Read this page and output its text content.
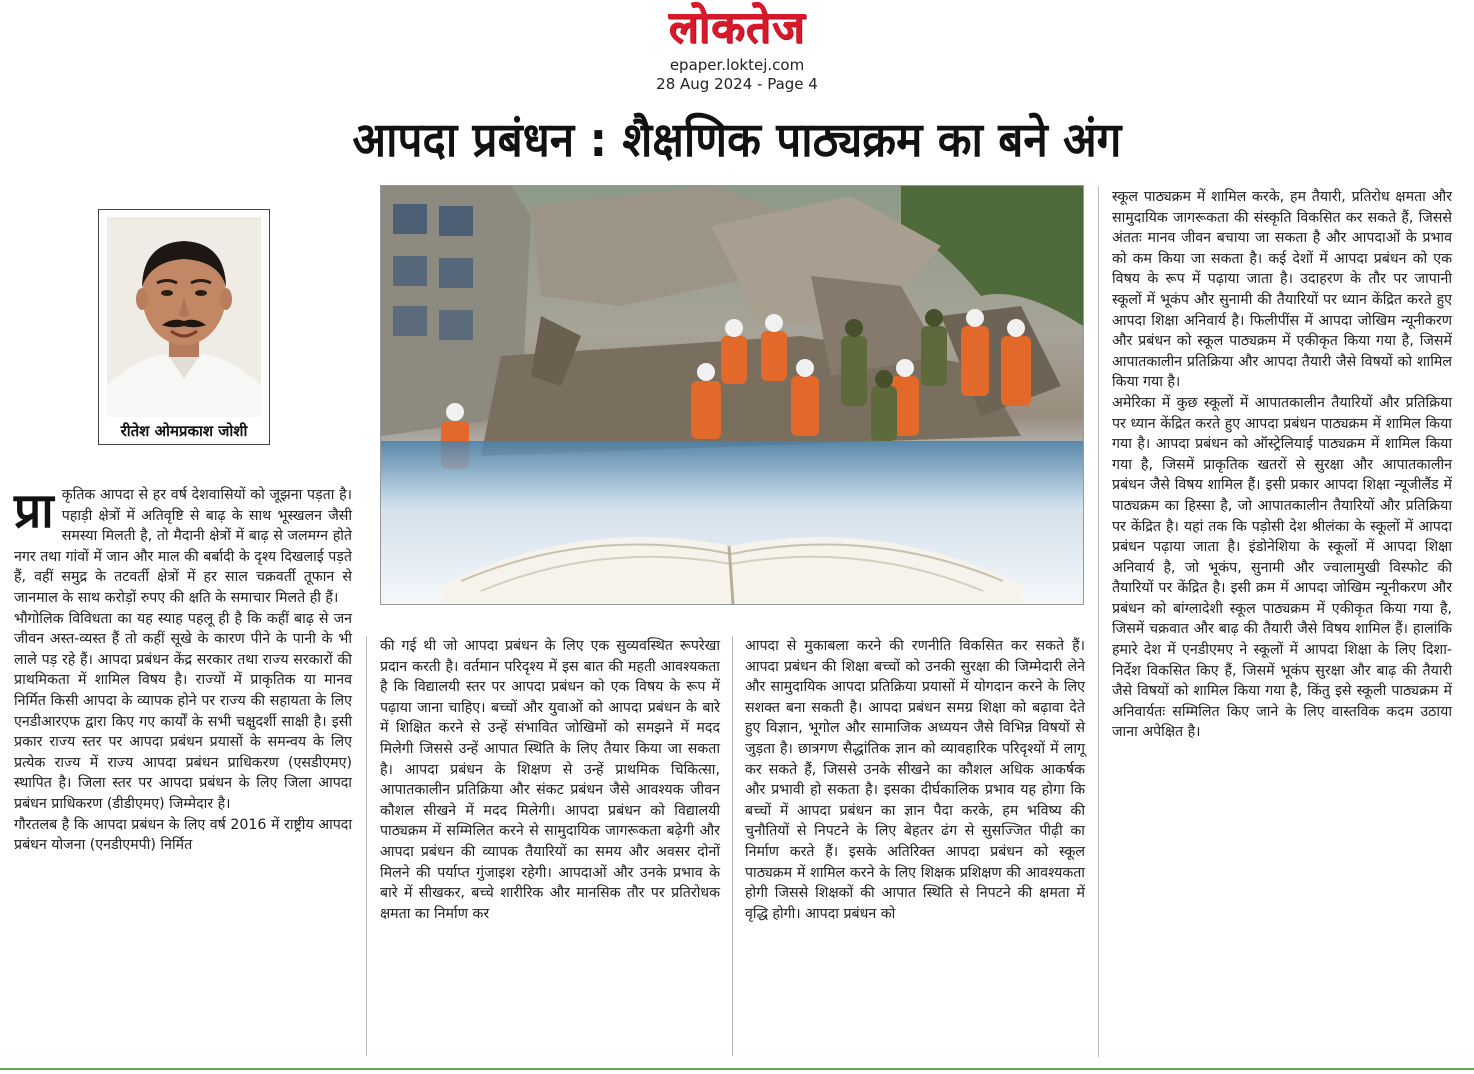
लोकतेज
epaper.loktej.com
28 Aug 2024 - Page 4
आपदा प्रबंधन : शैक्षणिक पाठ्यक्रम का बने अंग
रीतेश ओमप्रकाश जोशी
प्रा कृतिक आपदा से हर वर्ष देशवासियों को जूझना पड़ता है। पहाड़ी क्षेत्रों में अतिवृष्टि से बाढ़ के साथ भूस्खलन जैसी समस्या मिलती है, तो मैदानी क्षेत्रों में बाढ़ से जलमग्न होते नगर तथा गांवों में जान और माल की बर्बादी के दृश्य दिखलाई पड़ते हैं, वहीं समुद्र के तटवर्ती क्षेत्रों में हर साल चक्रवर्ती तूफान से जानमाल के साथ करोड़ों रुपए की क्षति के समाचार मिलते ही हैं।

भौगोलिक विविधता का यह स्याह पहलू ही है कि कहीं बाढ़ से जन जीवन अस्त-व्यस्त हैं तो कहीं सूखे के कारण पीने के पानी के भी लाले पड़ रहे हैं। आपदा प्रबंधन केंद्र सरकार तथा राज्य सरकारों की प्राथमिकता में शामिल विषय है। राज्यों में प्राकृतिक या मानव निर्मित किसी आपदा के व्यापक होने पर राज्य की सहायता के लिए एनडीआरएफ द्वारा किए गए कार्यों के सभी चक्षुदर्शी साक्षी है। इसी प्रकार राज्य स्तर पर आपदा प्रबंधन प्रयासों के समन्वय के लिए प्रत्येक राज्य में राज्य आपदा प्रबंधन प्राधिकरण (एसडीएमए) स्थापित है। जिला स्तर पर आपदा प्रबंधन के लिए जिला आपदा प्रबंधन प्राधिकरण (डीडीएमए) जिम्मेदार है।

गौरतलब है कि आपदा प्रबंधन के लिए वर्ष 2016 में राष्ट्रीय आपदा प्रबंधन योजना (एनडीएमपी) निर्मित

की गई थी जो आपदा प्रबंधन के लिए एक सुव्यवस्थित रूपरेखा प्रदान करती है। वर्तमान परिदृश्य में इस बात की महती आवश्यकता है कि विद्यालयी स्तर पर आपदा प्रबंधन को एक विषय के रूप में पढ़ाया जाना चाहिए। बच्चों और युवाओं को आपदा प्रबंधन के बारे में शिक्षित करने से उन्हें संभावित जोखिमों को समझने में मदद मिलेगी जिससे उन्हें आपात स्थिति के लिए तैयार किया जा सकता है। आपदा प्रबंधन के शिक्षण से उन्हें प्राथमिक चिकित्सा, आपातकालीन प्रतिक्रिया और संकट प्रबंधन जैसे आवश्यक जीवन कौशल सीखने में मदद मिलेगी। आपदा प्रबंधन को विद्यालयी पाठ्यक्रम में सम्मिलित करने से सामुदायिक जागरूकता बढ़ेगी और आपदा प्रबंधन की व्यापक तैयारियों का समय और अवसर दोनों मिलने की पर्याप्त गुंजाइश रहेगी। आपदाओं और उनके प्रभाव के बारे में सीखकर, बच्चे शारीरिक और मानसिक तौर पर प्रतिरोधक क्षमता का निर्माण कर

आपदा से मुकाबला करने की रणनीति विकसित कर सकते हैं। आपदा प्रबंधन की शिक्षा बच्चों को उनकी सुरक्षा की जिम्मेदारी लेने और सामुदायिक आपदा प्रतिक्रिया प्रयासों में योगदान करने के लिए सशक्त बना सकती है। आपदा प्रबंधन समग्र शिक्षा को बढ़ावा देते हुए विज्ञान, भूगोल और सामाजिक अध्ययन जैसे विभिन्न विषयों से जुड़ता है। छात्रगण सैद्धांतिक ज्ञान को व्यावहारिक परिदृश्यों में लागू कर सकते हैं, जिससे उनके सीखने का कौशल अधिक आकर्षक और प्रभावी हो सकता है। इसका दीर्घकालिक प्रभाव यह होगा कि बच्चों में आपदा प्रबंधन का ज्ञान पैदा करके, हम भविष्य की चुनौतियों से निपटने के लिए बेहतर ढंग से सुसज्जित पीढ़ी का निर्माण करते हैं। इसके अतिरिक्त आपदा प्रबंधन को स्कूल पाठ्यक्रम में शामिल करने के लिए शिक्षक प्रशिक्षण की आवश्यकता होगी जिससे शिक्षकों की आपात स्थिति से निपटने की क्षमता में वृद्धि होगी। आपदा प्रबंधन को

स्कूल पाठ्यक्रम में शामिल करके, हम तैयारी, प्रतिरोध क्षमता और सामुदायिक जागरूकता की संस्कृति विकसित कर सकते हैं, जिससे अंततः मानव जीवन बचाया जा सकता है और आपदाओं के प्रभाव को कम किया जा सकता है। कई देशों में आपदा प्रबंधन को एक विषय के रूप में पढ़ाया जाता है। उदाहरण के तौर पर जापानी स्कूलों में भूकंप और सुनामी की तैयारियों पर ध्यान केंद्रित करते हुए आपदा शिक्षा अनिवार्य है। फिलीपींस में आपदा जोखिम न्यूनीकरण और प्रबंधन को स्कूल पाठ्यक्रम में एकीकृत किया गया है, जिसमें आपातकालीन प्रतिक्रिया और आपदा तैयारी जैसे विषयों को शामिल किया गया है।

अमेरिका में कुछ स्कूलों में आपातकालीन तैयारियों और प्रतिक्रिया पर ध्यान केंद्रित करते हुए आपदा प्रबंधन पाठ्यक्रम में शामिल किया गया है। आपदा प्रबंधन को ऑस्ट्रेलियाई पाठ्यक्रम में शामिल किया गया है, जिसमें प्राकृतिक खतरों से सुरक्षा और आपातकालीन प्रबंधन जैसे विषय शामिल हैं। इसी प्रकार आपदा शिक्षा न्यूजीलैंड में पाठ्यक्रम का हिस्सा है, जो आपातकालीन तैयारियों और प्रतिक्रिया पर केंद्रित है। यहां तक कि पड़ोसी देश श्रीलंका के स्कूलों में आपदा प्रबंधन पढ़ाया जाता है। इंडोनेशिया के स्कूलों में आपदा शिक्षा अनिवार्य है, जो भूकंप, सुनामी और ज्वालामुखी विस्फोट की तैयारियों पर केंद्रित है। इसी क्रम में आपदा जोखिम न्यूनीकरण और प्रबंधन को बांग्लादेशी स्कूल पाठ्यक्रम में एकीकृत किया गया है, जिसमें चक्रवात और बाढ़ की तैयारी जैसे विषय शामिल हैं। हालांकि हमारे देश में एनडीएमए ने स्कूलों में आपदा शिक्षा के लिए दिशा-निर्देश विकसित किए हैं, जिसमें भूकंप सुरक्षा और बाढ़ की तैयारी जैसे विषयों को शामिल किया गया है, किंतु इसे स्कूली पाठ्यक्रम में अनिवार्यतः सम्मिलित किए जाने के लिए वास्तविक कदम उठाया जाना अपेक्षित है।
